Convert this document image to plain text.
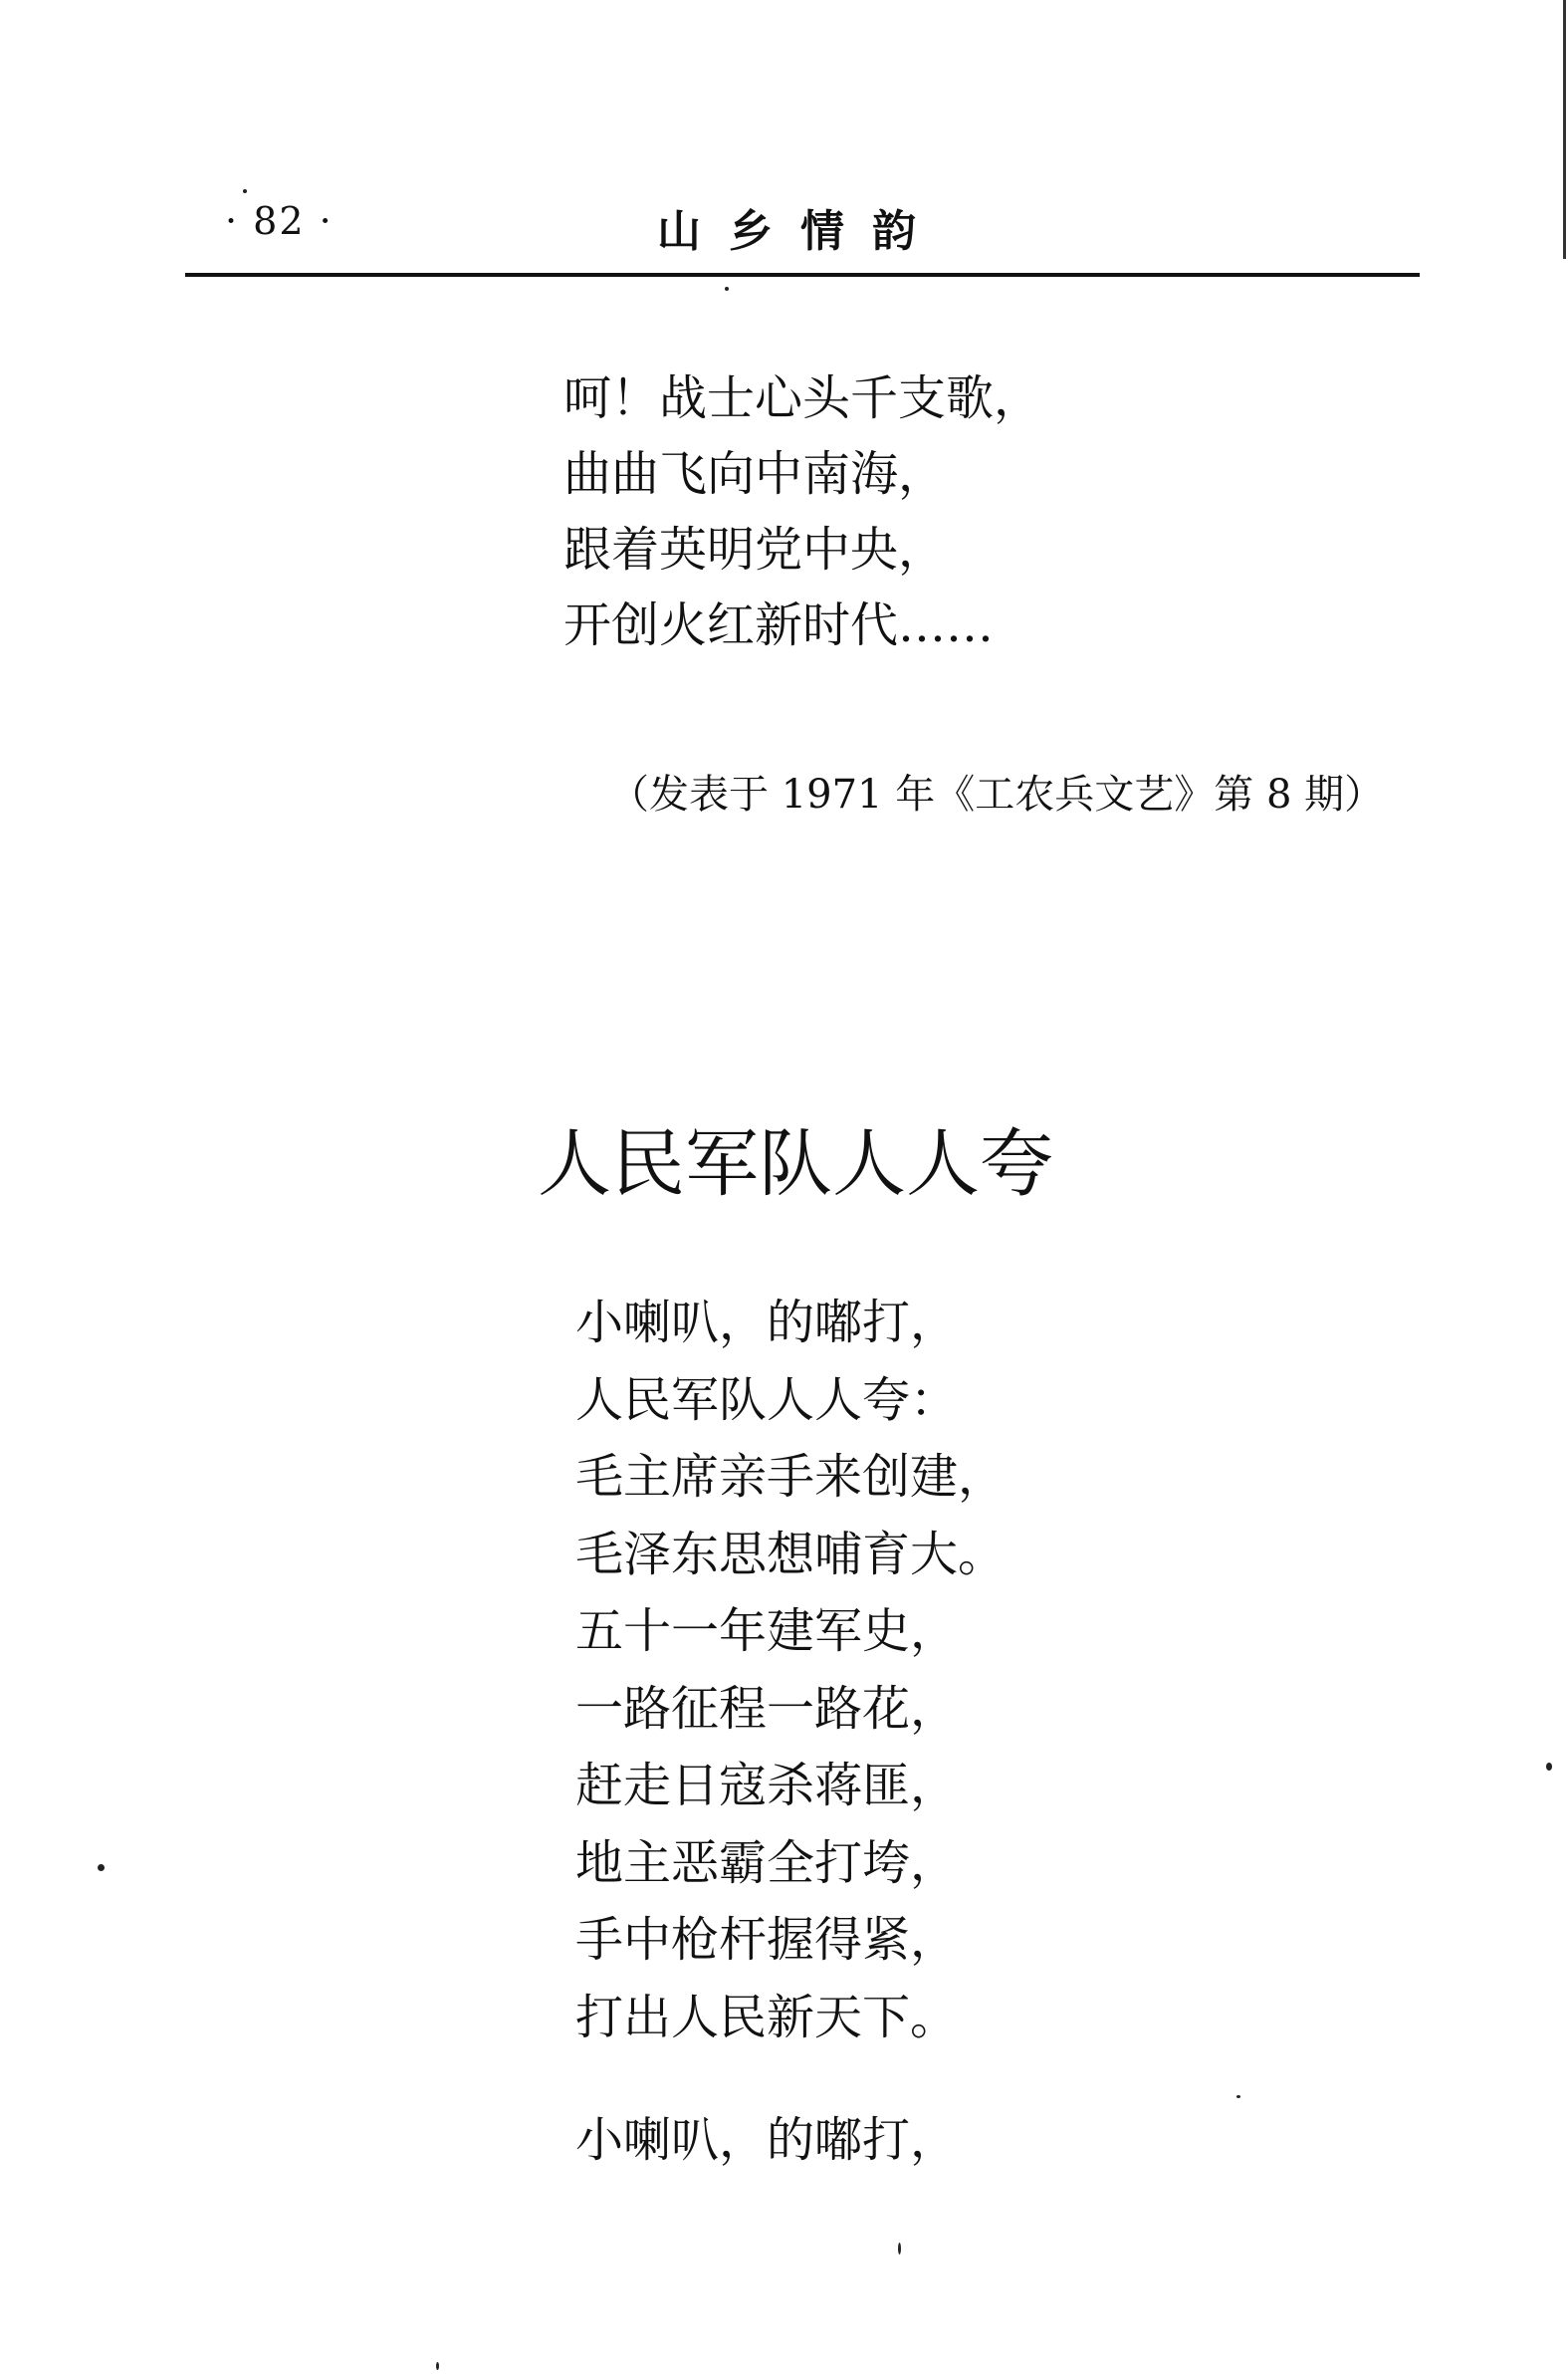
· 82 ·	山乡情韵
呵！战士心头千支歌，
曲曲飞向中南海，
跟着英明党中央，
开创火红新时代……
（发表于 1971 年《工农兵文艺》第 8 期）
人民军队人人夸
小喇叭，的嘟打，
人民军队人人夸：
毛主席亲手来创建，
毛泽东思想哺育大。
五十一年建军史，
一路征程一路花，
赶走日寇杀蒋匪，
地主恶霸全打垮，
手中枪杆握得紧，
打出人民新天下。
小喇叭，的嘟打，
